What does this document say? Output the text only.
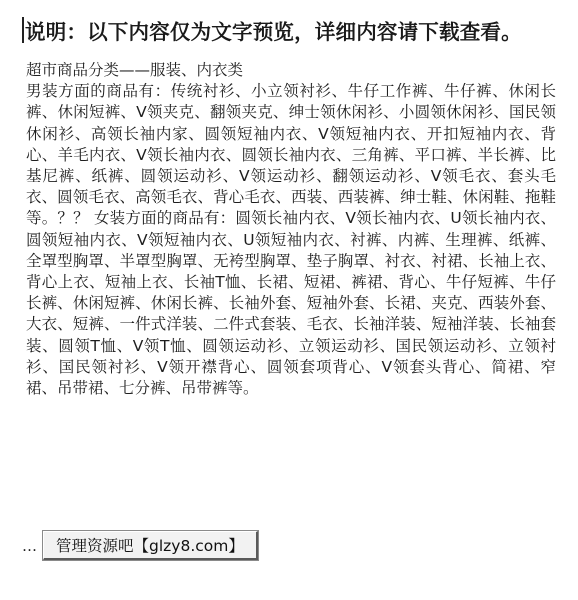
说明：以下内容仅为文字预览，详细内容请下载查看。

超市商品分类——服装、内衣类

男装方面的商品有：传统衬衫、小立领衬衫、牛仔工作裤、牛仔裤、休闲长裤、休闲短裤、V领夹克、翻领夹克、绅士领休闲衫、小圆领休闲衫、国民领休闲衫、高领长袖内家、圆领短袖内衣、V领短袖内衣、开扣短袖内衣、背心、羊毛内衣、V领长袖内衣、圆领长袖内衣、三角裤、平口裤、半长裤、比基尼裤、纸裤、圆领运动衫、V领运动衫、翻领运动衫、V领毛衣、套头毛衣、圆领毛衣、高领毛衣、背心毛衣、西装、西装裤、绅士鞋、休闲鞋、拖鞋等。？？ 女装方面的商品有：圆领长袖内衣、V领长袖内衣、U领长袖内衣、圆领短袖内衣、V领短袖内衣、U领短袖内衣、衬裤、内裤、生理裤、纸裤、全罩型胸罩、半罩型胸罩、无袴型胸罩、垫子胸罩、衬衣、衬裙、长袖上衣、背心上衣、短袖上衣、长袖T恤、长裙、短裙、裤裙、背心、牛仔短裤、牛仔长裤、休闲短裤、休闲长裤、长袖外套、短袖外套、长裙、夹克、西装外套、大衣、短裤、一件式洋装、二件式套装、毛衣、长袖洋装、短袖洋装、长袖套装、圆领T恤、V领T恤、圆领运动衫、立领运动衫、国民领运动衫、立领衬衫、国民领衬衫、V领开襟背心、圆领套项背心、V领套头背心、简裙、窄裙、吊带裙、七分裤、吊带裤等。

…	管理资源吧【glzy8.com】
